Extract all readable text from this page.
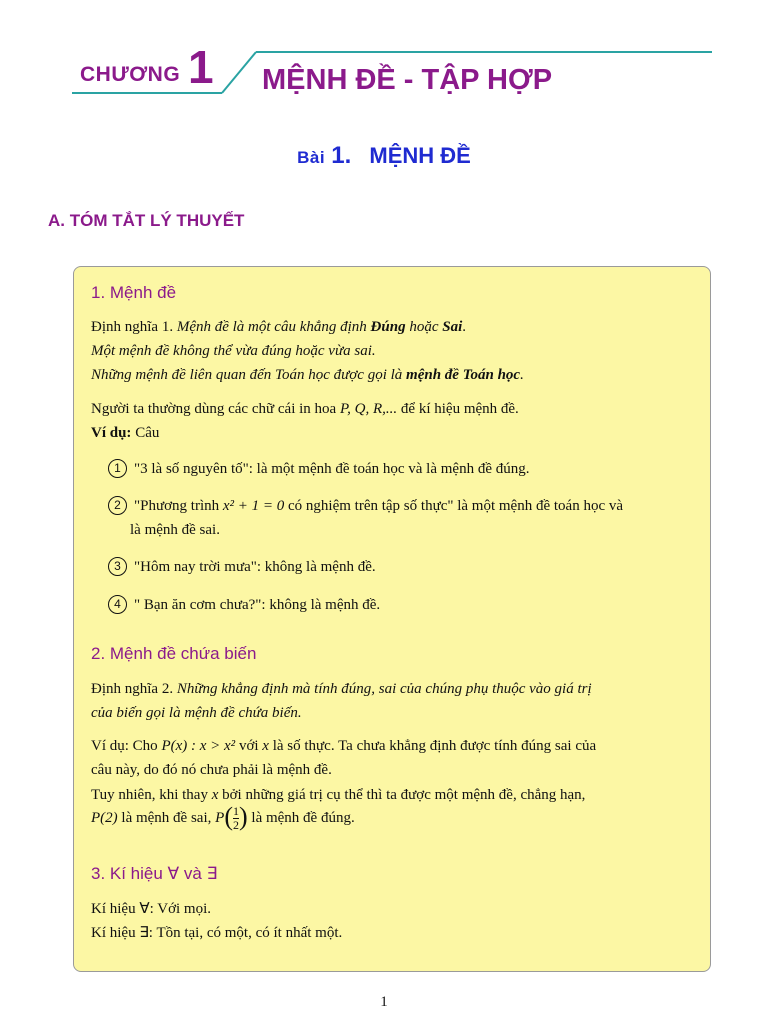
CHƯƠNG 1 MỆNH ĐỀ - TẬP HỢP
Bài 1. MỆNH ĐỀ
A. TÓM TẮT LÝ THUYẾT
1. Mệnh đề
Định nghĩa 1. Mệnh đề là một câu khẳng định Đúng hoặc Sai.
Một mệnh đề không thể vừa đúng hoặc vừa sai.
Những mệnh đề liên quan đến Toán học được gọi là mệnh đề Toán học.
Người ta thường dùng các chữ cái in hoa P, Q, R,... để kí hiệu mệnh đề.
Ví dụ: Câu
1 "3 là số nguyên tố": là một mệnh đề toán học và là mệnh đề đúng.
2 "Phương trình x² + 1 = 0 có nghiệm trên tập số thực" là một mệnh đề toán học và
là mệnh đề sai.
3 "Hôm nay trời mưa": không là mệnh đề.
4 " Bạn ăn cơm chưa?": không là mệnh đề.
2. Mệnh đề chứa biến
Định nghĩa 2. Những khẳng định mà tính đúng, sai của chúng phụ thuộc vào giá trị
của biến gọi là mệnh đề chứa biến.
Ví dụ: Cho P(x) : x > x² với x là số thực. Ta chưa khẳng định được tính đúng sai của
câu này, do đó nó chưa phải là mệnh đề.
Tuy nhiên, khi thay x bởi những giá trị cụ thể thì ta được một mệnh đề, chẳng hạn,
P(2) là mệnh đề sai, $P( \frac{1}{2}$ ) là mệnh đề đúng.
3. Kí hiệu ∀ và ∃
Kí hiệu ∀: Với mọi.
Kí hiệu ∃: Tồn tại, có một, có ít nhất một.
1
